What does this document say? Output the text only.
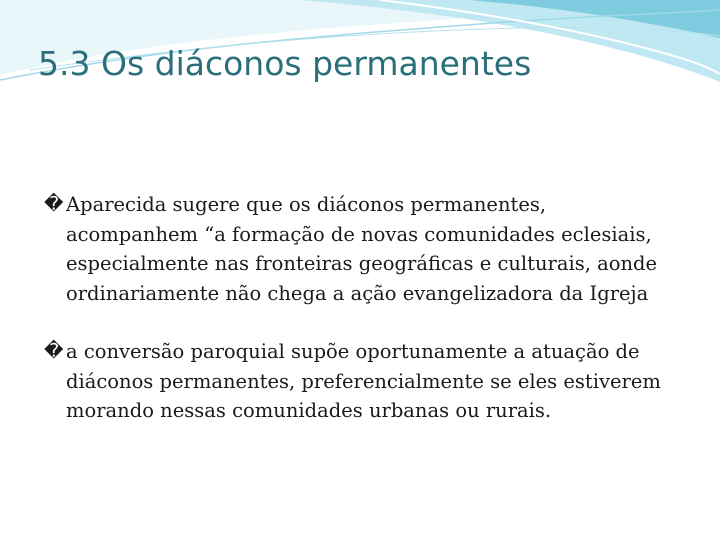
5.3 Os diáconos permanentes
� Aparecida sugere que os diáconos permanentes, acompanhem “a formação de novas comunidades eclesiais, especialmente nas fronteiras geográficas e culturais, aonde ordinariamente não chega a ação evangelizadora da Igreja
� a conversão paroquial supõe oportunamente a atuação de diáconos permanentes, preferencialmente se eles estiverem morando nessas comunidades urbanas ou rurais.
